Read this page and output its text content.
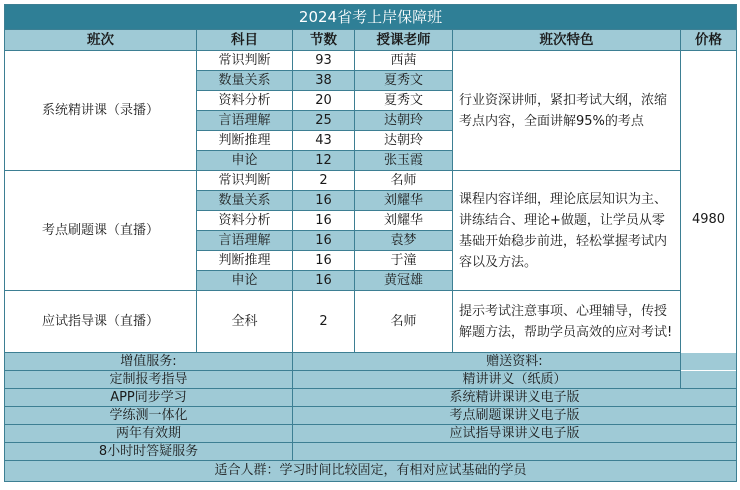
2024省考上岸保障班					
班次	科目	节数	授课老师	班次特色	价格
系统精讲课（录播）	常识判断	93	西茜	行业资深讲师，紧扣考试大纲，浓缩考点内容，全面讲解95%的考点	4980
	数量关系	38	夏秀文		
	资料分析	20	夏秀文		
	言语理解	25	达朝玲		
	判断推理	43	达朝玲		
	申论	12	张玉霞		
考点刷题课（直播）	常识判断	2	名师	课程内容详细，理论底层知识为主、讲练结合、理论+做题，让学员从零基础开始稳步前进，轻松掌握考试内容以及方法。	
	数量关系	16	刘耀华		
	资料分析	16	刘耀华		
	言语理解	16	袁梦		
	判断推理	16	于潼		
	申论	16	黄冠雄		
应试指导课（直播）	全科	2	名师	提示考试注意事项、心理辅导，传授解题方法，帮助学员高效的应对考试!	
增值服务:		赠送资料:			
定制报考指导		精讲讲义（纸质）			
APP同步学习		系统精讲课讲义电子版			
学练测一体化		考点刷题课讲义电子版			
两年有效期		应试指导课讲义电子版			
8小时时答疑服务					
适合人群：学习时间比较固定，有相对应试基础的学员					
